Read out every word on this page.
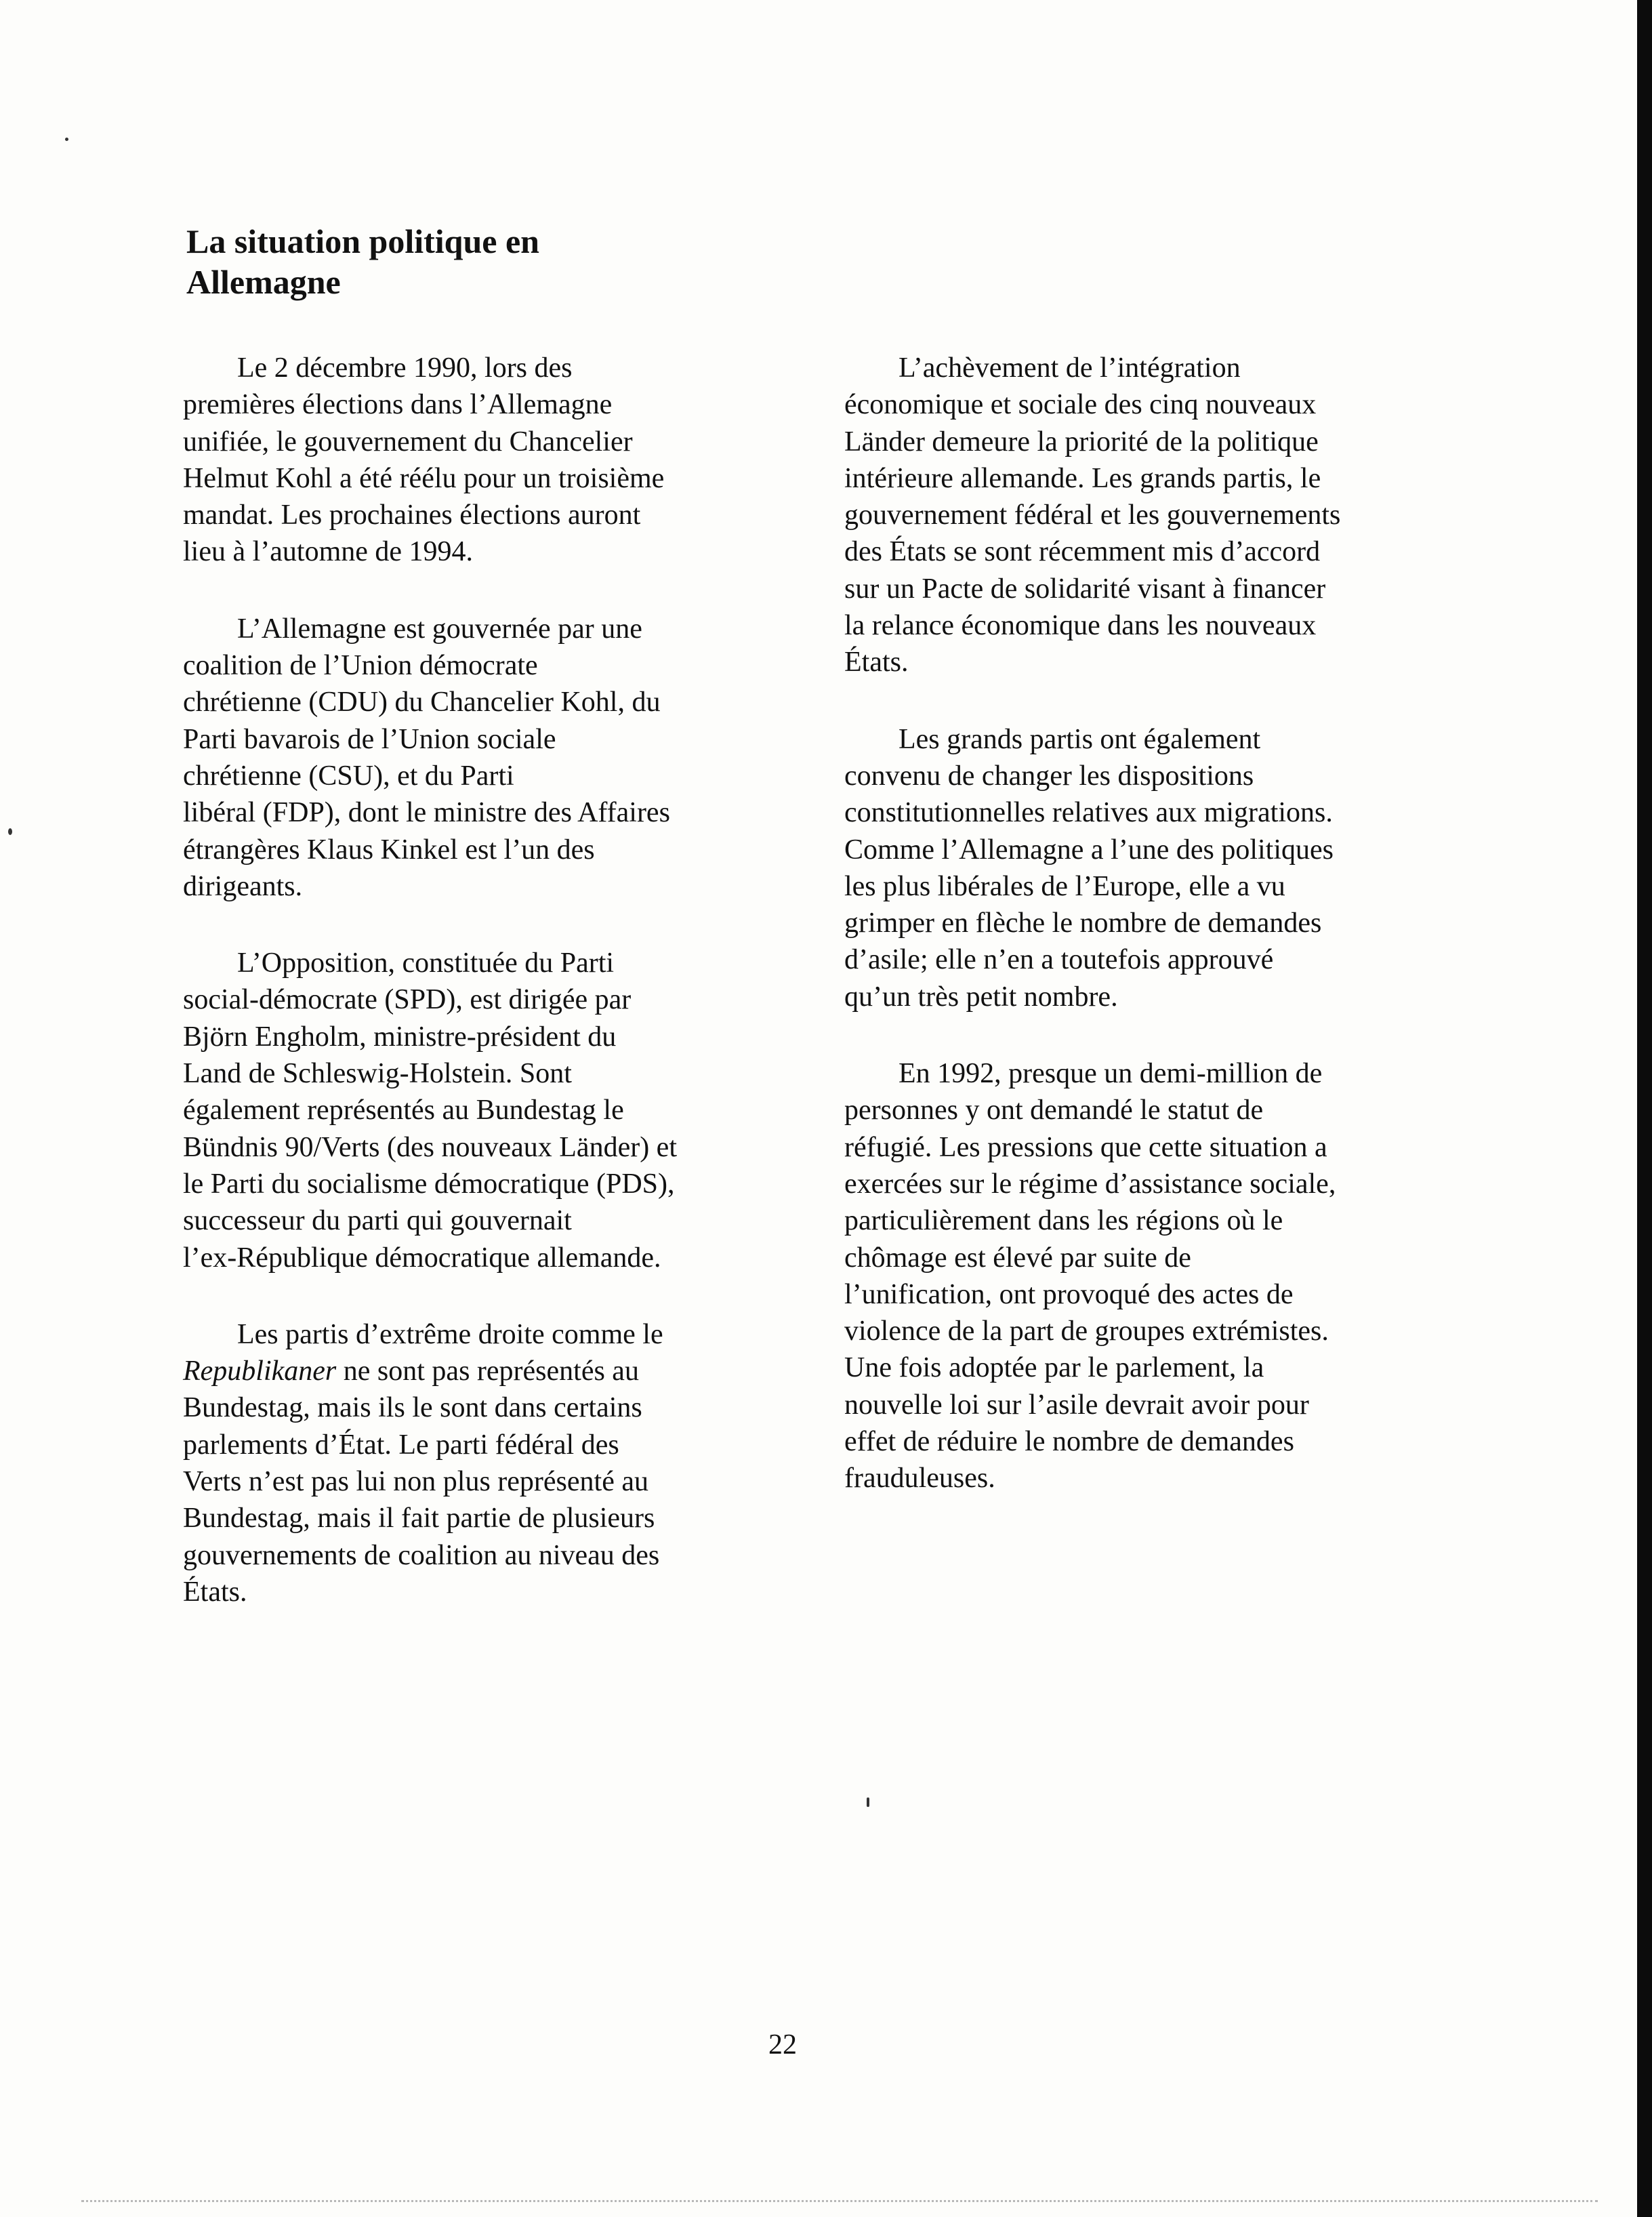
La situation politique en
Allemagne

Le 2 décembre 1990, lors des
premières élections dans l’Allemagne
unifiée, le gouvernement du Chancelier
Helmut Kohl a été réélu pour un troisième
mandat. Les prochaines élections auront
lieu à l’automne de 1994.

L’Allemagne est gouvernée par une
coalition de l’Union démocrate
chrétienne (CDU) du Chancelier Kohl, du
Parti bavarois de l’Union sociale
chrétienne (CSU), et du Parti
libéral (FDP), dont le ministre des Affaires
étrangères Klaus Kinkel est l’un des
dirigeants.

L’Opposition, constituée du Parti
social-démocrate (SPD), est dirigée par
Björn Engholm, ministre-président du
Land de Schleswig-Holstein. Sont
également représentés au Bundestag le
Bündnis 90/Verts (des nouveaux Länder) et
le Parti du socialisme démocratique (PDS),
successeur du parti qui gouvernait
l’ex-République démocratique allemande.

Les partis d’extrême droite comme le
Republikaner ne sont pas représentés au
Bundestag, mais ils le sont dans certains
parlements d’État. Le parti fédéral des
Verts n’est pas lui non plus représenté au
Bundestag, mais il fait partie de plusieurs
gouvernements de coalition au niveau des
États.

L’achèvement de l’intégration
économique et sociale des cinq nouveaux
Länder demeure la priorité de la politique
intérieure allemande. Les grands partis, le
gouvernement fédéral et les gouvernements
des États se sont récemment mis d’accord
sur un Pacte de solidarité visant à financer
la relance économique dans les nouveaux
États.

Les grands partis ont également
convenu de changer les dispositions
constitutionnelles relatives aux migrations.
Comme l’Allemagne a l’une des politiques
les plus libérales de l’Europe, elle a vu
grimper en flèche le nombre de demandes
d’asile; elle n’en a toutefois approuvé
qu’un très petit nombre.

En 1992, presque un demi-million de
personnes y ont demandé le statut de
réfugié. Les pressions que cette situation a
exercées sur le régime d’assistance sociale,
particulièrement dans les régions où le
chômage est élevé par suite de
l’unification, ont provoqué des actes de
violence de la part de groupes extrémistes.
Une fois adoptée par le parlement, la
nouvelle loi sur l’asile devrait avoir pour
effet de réduire le nombre de demandes
frauduleuses.

22
